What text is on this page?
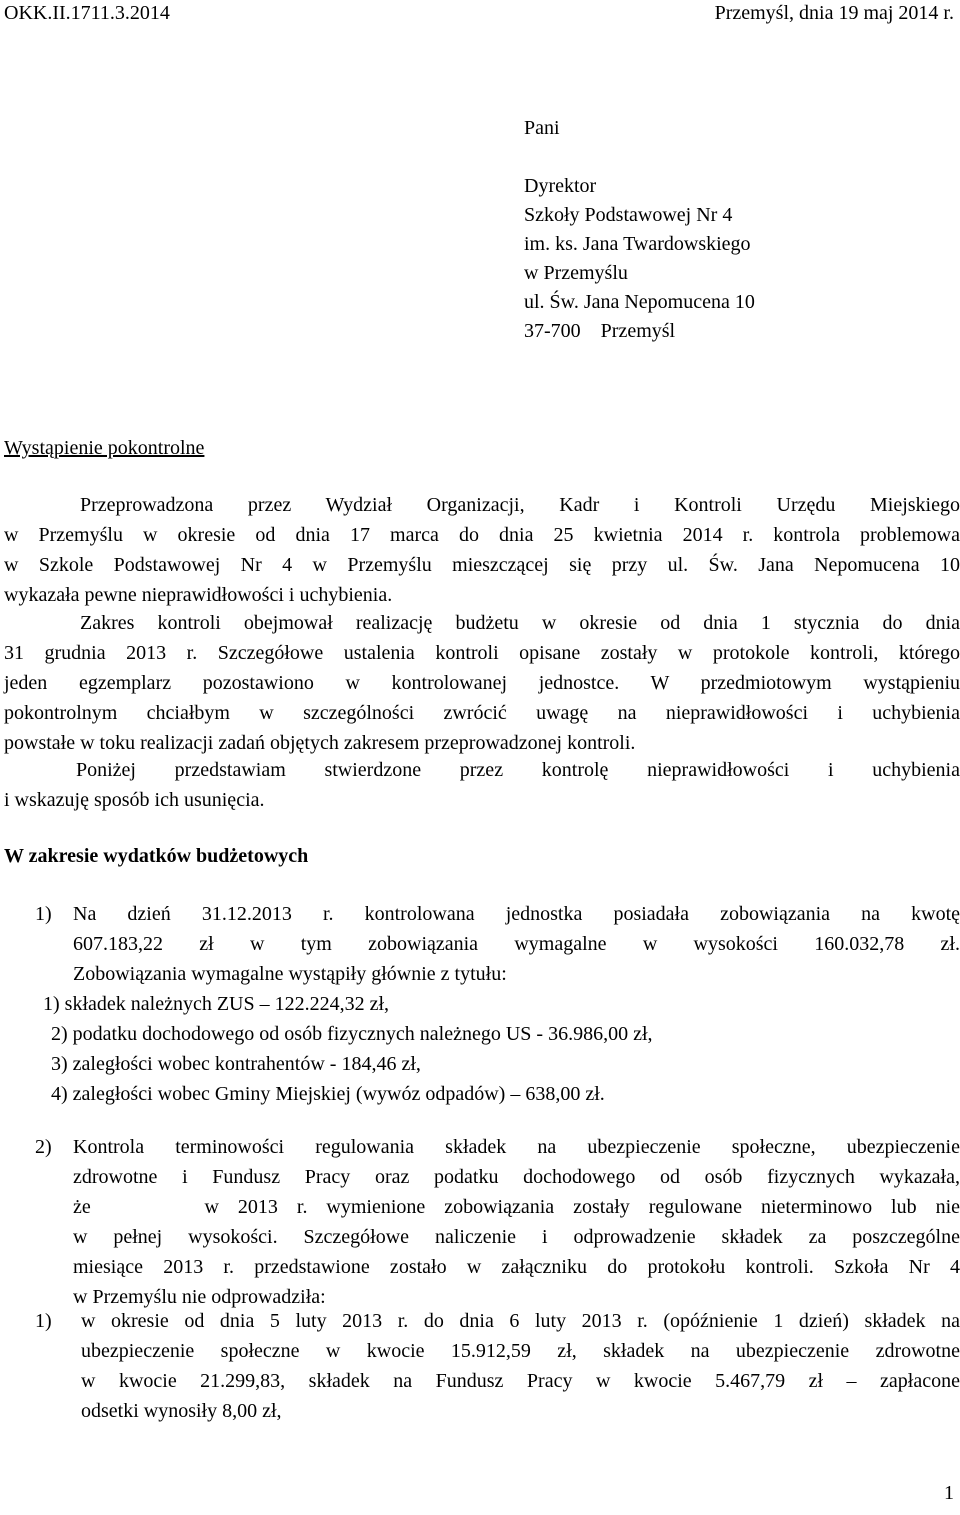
OKK.II.1711.3.2014	Przemyśl, dnia 19 maj 2014 r.
Pani
Dyrektor
Szkoły Podstawowej Nr 4
im. ks. Jana Twardowskiego
w Przemyślu
ul. Św. Jana Nepomucena 10
37-700    Przemyśl
Wystąpienie pokontrolne
Przeprowadzona przez Wydział Organizacji, Kadr i Kontroli Urzędu Miejskiego
w Przemyślu w okresie od dnia 17 marca do dnia 25 kwietnia 2014 r. kontrola problemowa
w Szkole Podstawowej Nr 4 w Przemyślu mieszczącej się przy ul. Św. Jana Nepomucena 10
wykazała pewne nieprawidłowości i uchybienia.
Zakres kontroli obejmował realizację budżetu w okresie od dnia 1 stycznia do dnia
31 grudnia 2013 r. Szczegółowe ustalenia kontroli opisane zostały w protokole kontroli, którego
jeden egzemplarz pozostawiono w kontrolowanej jednostce. W przedmiotowym wystąpieniu
pokontrolnym chciałbym w szczególności zwrócić uwagę na nieprawidłowości i uchybienia
powstałe w toku realizacji zadań objętych zakresem przeprowadzonej kontroli.
Poniżej przedstawiam stwierdzone przez kontrolę nieprawidłowości i uchybienia
i wskazuję sposób ich usunięcia.
W zakresie wydatków budżetowych
1) Na dzień 31.12.2013 r. kontrolowana jednostka posiadała zobowiązania na kwotę
607.183,22 zł w tym zobowiązania wymagalne w wysokości 160.032,78 zł.
Zobowiązania wymagalne wystąpiły głównie z tytułu:
1) składek należnych ZUS – 122.224,32 zł,
2) podatku dochodowego od osób fizycznych należnego US - 36.986,00 zł,
3) zaległości wobec kontrahentów - 184,46 zł,
4) zaległości wobec Gminy Miejskiej (wywóz odpadów) – 638,00 zł.
2) Kontrola terminowości regulowania składek na ubezpieczenie społeczne, ubezpieczenie
zdrowotne i Fundusz Pracy oraz podatku dochodowego od osób fizycznych wykazała,
że      w 2013 r. wymienione zobowiązania zostały regulowane nieterminowo lub nie
w pełnej wysokości. Szczegółowe naliczenie i odprowadzenie składek za poszczególne
miesiące 2013 r. przedstawione zostało w załączniku do protokołu kontroli. Szkoła Nr 4
w Przemyślu nie odprowadziła:
1) w okresie od dnia 5 luty 2013 r. do dnia 6 luty 2013 r. (opóźnienie 1 dzień) składek na
ubezpieczenie społeczne w kwocie 15.912,59 zł, składek na ubezpieczenie zdrowotne
w kwocie 21.299,83, składek na Fundusz Pracy w kwocie 5.467,79 zł – zapłacone
odsetki wynosiły 8,00 zł,
1
